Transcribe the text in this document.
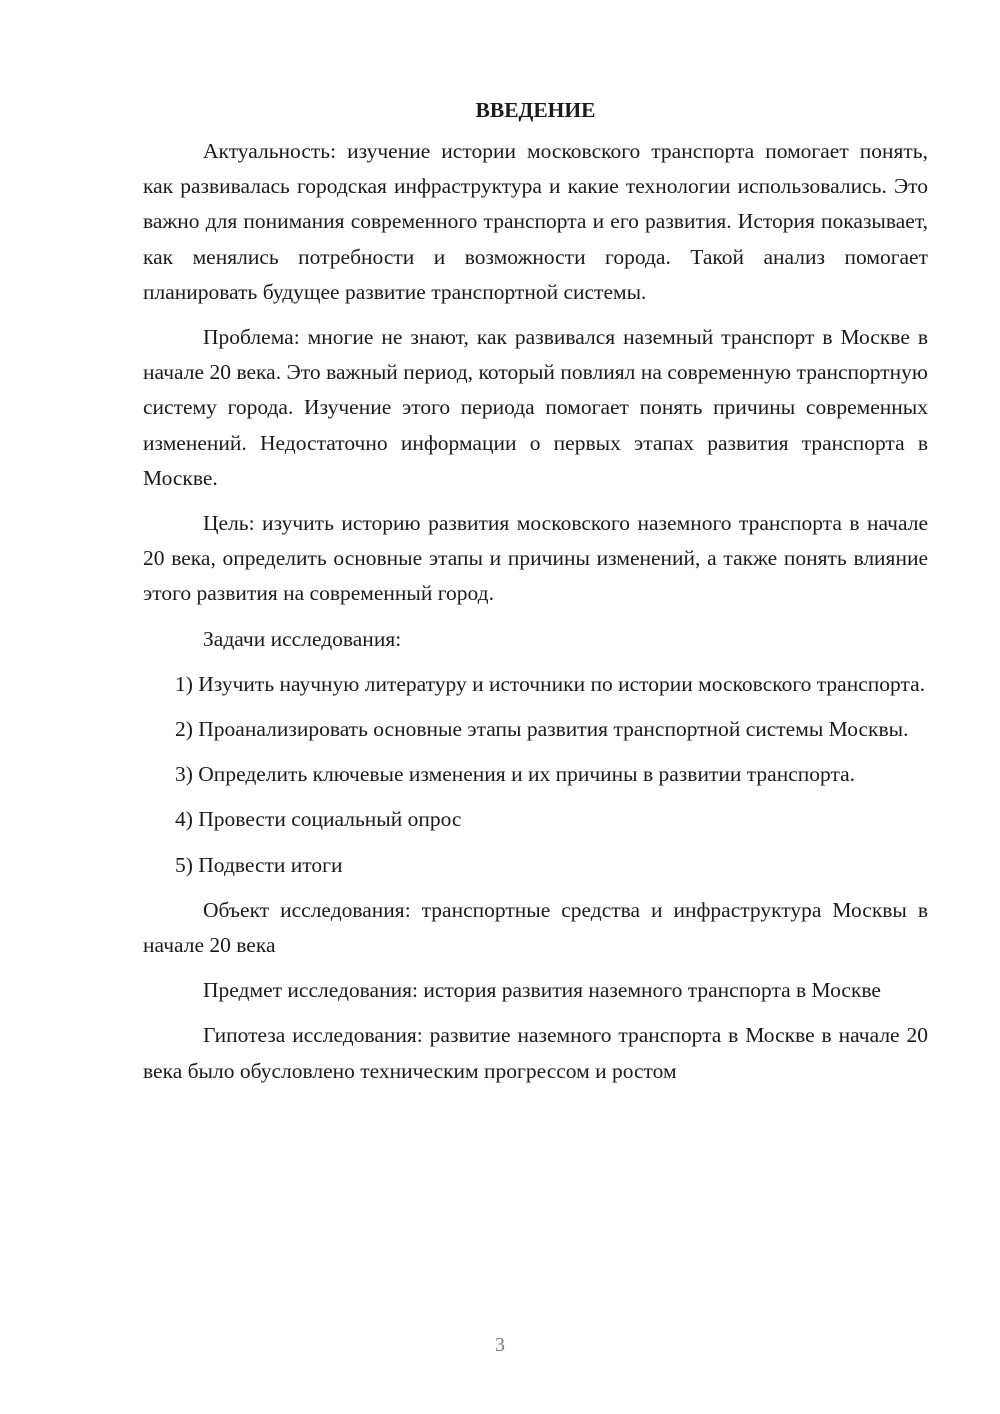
ВВЕДЕНИЕ

Актуальность: изучение истории московского транспорта помогает понять, как развивалась городская инфраструктура и какие технологии использовались. Это важно для понимания современного транспорта и его развития. История показывает, как менялись потребности и возможности города. Такой анализ помогает планировать будущее развитие транспортной системы.

Проблема: многие не знают, как развивался наземный транспорт в Москве в начале 20 века. Это важный период, который повлиял на современную транспортную систему города. Изучение этого периода помогает понять причины современных изменений. Недостаточно информации о первых этапах развития транспорта в Москве.

Цель: изучить историю развития московского наземного транспорта в начале 20 века, определить основные этапы и причины изменений, а также понять влияние этого развития на современный город.

Задачи исследования:

1) Изучить научную литературу и источники по истории московского транспорта.

2) Проанализировать основные этапы развития транспортной системы Москвы.

3) Определить ключевые изменения и их причины в развитии транспорта.

4) Провести социальный опрос

5) Подвести итоги

Объект исследования: транспортные средства и инфраструктура Москвы в начале 20 века

Предмет исследования: история развития наземного транспорта в Москве

Гипотеза исследования: развитие наземного транспорта в Москве в начале 20 века было обусловлено техническим прогрессом и ростом

3
